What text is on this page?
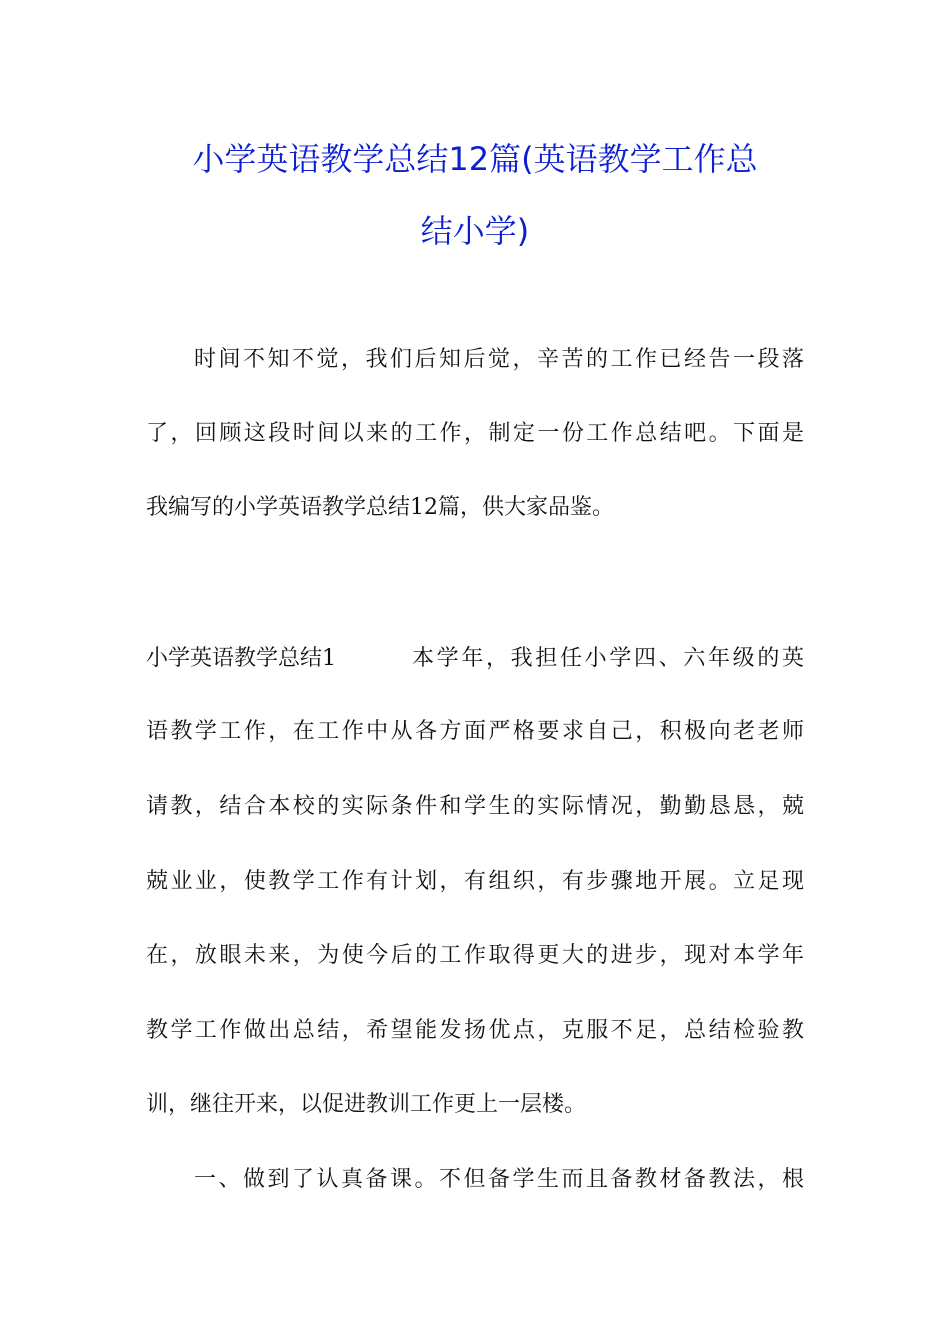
小学英语教学总结12篇(英语教学工作总
结小学)
时间不知不觉，我们后知后觉，辛苦的工作已经告一段落
了，回顾这段时间以来的工作，制定一份工作总结吧。下面是
我编写的小学英语教学总结12篇，供大家品鉴。
小学英语教学总结1	本学年，我担任小学四、六年级的英
语教学工作，在工作中从各方面严格要求自己，积极向老老师
请教，结合本校的实际条件和学生的实际情况，勤勤恳恳，兢
兢业业，使教学工作有计划，有组织，有步骤地开展。立足现
在，放眼未来，为使今后的工作取得更大的进步，现对本学年
教学工作做出总结，希望能发扬优点，克服不足，总结检验教
训，继往开来，以促进教训工作更上一层楼。
一、做到了认真备课。不但备学生而且备教材备教法，根
